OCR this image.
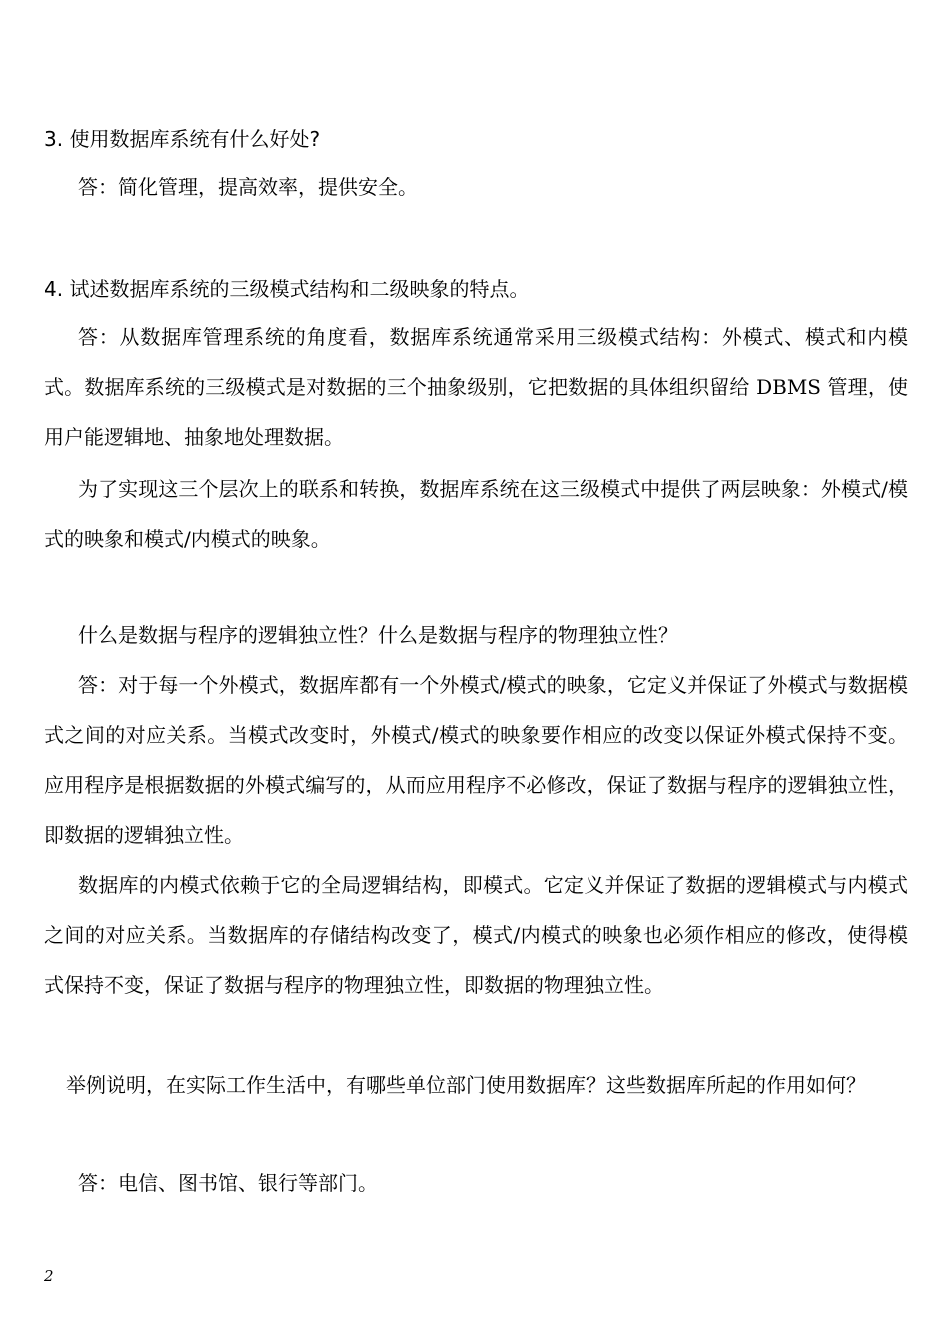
3. 使用数据库系统有什么好处?
答：简化管理，提高效率，提供安全。
4. 试述数据库系统的三级模式结构和二级映象的特点。
答：从数据库管理系统的角度看，数据库系统通常采用三级模式结构：外模式、模式和内模式。数据库系统的三级模式是对数据的三个抽象级别，它把数据的具体组织留给 DBMS 管理，使用户能逻辑地、抽象地处理数据。
为了实现这三个层次上的联系和转换，数据库系统在这三级模式中提供了两层映象：外模式/模式的映象和模式/内模式的映象。
什么是数据与程序的逻辑独立性？什么是数据与程序的物理独立性？
答：对于每一个外模式，数据库都有一个外模式/模式的映象，它定义并保证了外模式与数据模式之间的对应关系。当模式改变时，外模式/模式的映象要作相应的改变以保证外模式保持不变。应用程序是根据数据的外模式编写的，从而应用程序不必修改，保证了数据与程序的逻辑独立性，即数据的逻辑独立性。
数据库的内模式依赖于它的全局逻辑结构，即模式。它定义并保证了数据的逻辑模式与内模式之间的对应关系。当数据库的存储结构改变了，模式/内模式的映象也必须作相应的修改，使得模式保持不变，保证了数据与程序的物理独立性，即数据的物理独立性。
举例说明，在实际工作生活中，有哪些单位部门使用数据库？这些数据库所起的作用如何？
答：电信、图书馆、银行等部门。
2
